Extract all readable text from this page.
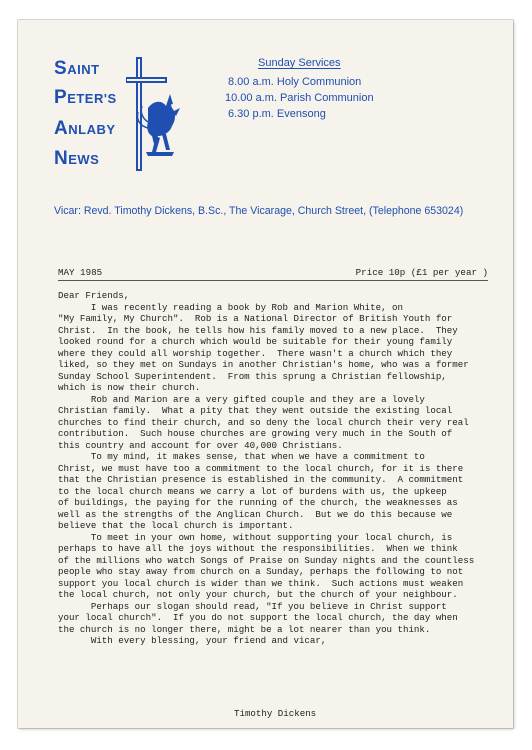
SAINT
PETER'S
ANLABY
NEWS
Sunday Services
8.00 a.m. Holy Communion
10.00 a.m. Parish Communion
6.30 p.m. Evensong
Vicar: Revd. Timothy Dickens, B.Sc., The Vicarage, Church Street, (Telephone 653024)
MAY 1985	Price 10p (£1 per year )

Dear Friends,

I was recently reading a book by Rob and Marion White, on

"My Family, My Church".  Rob is a National Director of British Youth for

Christ.  In the book, he tells how his family moved to a new place.  They

looked round for a church which would be suitable for their young family

where they could all worship together.  There wasn't a church which they

liked, so they met on Sundays in another Christian's home, who was a former

Sunday School Superintendent.  From this sprung a Christian fellowship,

which is now their church.

Rob and Marion are a very gifted couple and they are a lovely

Christian family.  What a pity that they went outside the existing local

churches to find their church, and so deny the local church their very real

contribution.  Such house churches are growing very much in the South of

this country and account for over 40,000 Christians.

To my mind, it makes sense, that when we have a commitment to

Christ, we must have too a commitment to the local church, for it is there

that the Christian presence is established in the community.  A commitment

to the local church means we carry a lot of burdens with us, the upkeep

of buildings, the paying for the running of the church, the weaknesses as

well as the strengths of the Anglican Church.  But we do this because we

believe that the local church is important.

To meet in your own home, without supporting your local church, is

perhaps to have all the joys without the responsibilities.  When we think

of the millions who watch Songs of Praise on Sunday nights and the countless

people who stay away from church on a Sunday, perhaps the following to not

support you local church is wider than we think.  Such actions must weaken

the local church, not only your church, but the church of your neighbour.

Perhaps our slogan should read, "If you believe in Christ support

your local church".  If you do not support the local church, the day when

the church is no longer there, might be a lot nearer than you think.

With every blessing, your friend and vicar,

Timothy Dickens
